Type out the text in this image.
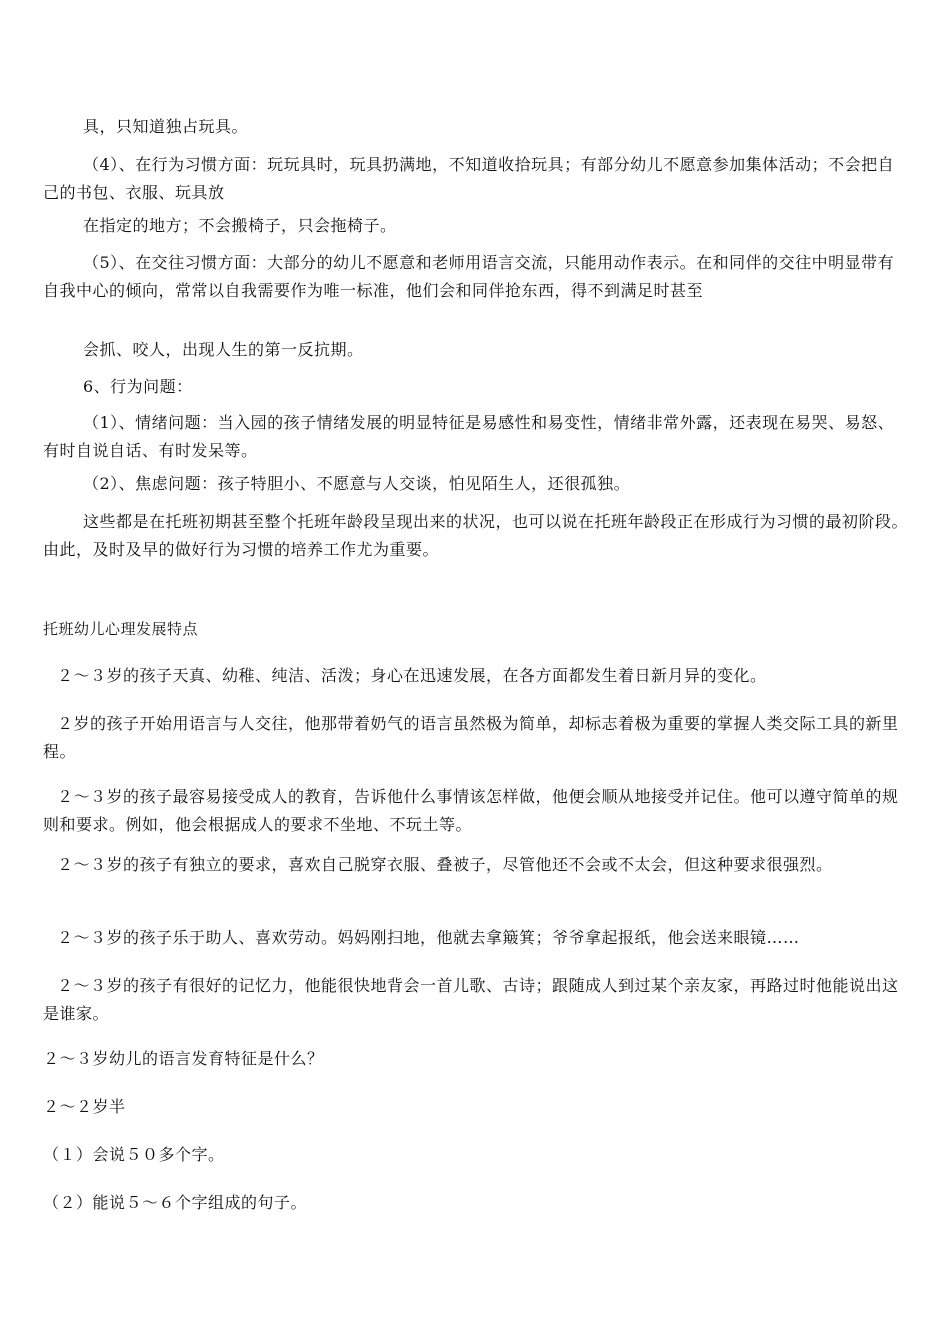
具，只知道独占玩具。

（4）、在行为习惯方面：玩玩具时，玩具扔满地，不知道收拾玩具；有部分幼儿不愿意参加集体活动；不会把自己的书包、衣服、玩具放

在指定的地方；不会搬椅子，只会拖椅子。

（5）、在交往习惯方面：大部分的幼儿不愿意和老师用语言交流，只能用动作表示。在和同伴的交往中明显带有自我中心的倾向，常常以自我需要作为唯一标准，他们会和同伴抢东西，得不到满足时甚至

会抓、咬人，出现人生的第一反抗期。

6、行为问题：

（1）、情绪问题：当入园的孩子情绪发展的明显特征是易感性和易变性，情绪非常外露，还表现在易哭、易怒、有时自说自话、有时发呆等。

（2）、焦虑问题：孩子特胆小、不愿意与人交谈，怕见陌生人，还很孤独。

这些都是在托班初期甚至整个托班年龄段呈现出来的状况，也可以说在托班年龄段正在形成行为习惯的最初阶段。由此，及时及早的做好行为习惯的培养工作尤为重要。

托班幼儿心理发展特点

２～３岁的孩子天真、幼稚、纯洁、活泼；身心在迅速发展，在各方面都发生着日新月异的变化。

２岁的孩子开始用语言与人交往，他那带着奶气的语言虽然极为简单，却标志着极为重要的掌握人类交际工具的新里程。

２～３岁的孩子最容易接受成人的教育，告诉他什么事情该怎样做，他便会顺从地接受并记住。他可以遵守简单的规则和要求。例如，他会根据成人的要求不坐地、不玩土等。

２～３岁的孩子有独立的要求，喜欢自己脱穿衣服、叠被子，尽管他还不会或不太会，但这种要求很强烈。

２～３岁的孩子乐于助人、喜欢劳动。妈妈刚扫地，他就去拿簸箕；爷爷拿起报纸，他会送来眼镜……

２～３岁的孩子有很好的记忆力，他能很快地背会一首儿歌、古诗；跟随成人到过某个亲友家，再路过时他能说出这是谁家。

２～３岁幼儿的语言发育特征是什么？

２～２岁半

（１）会说５０多个字。

（２）能说５～６个字组成的句子。
